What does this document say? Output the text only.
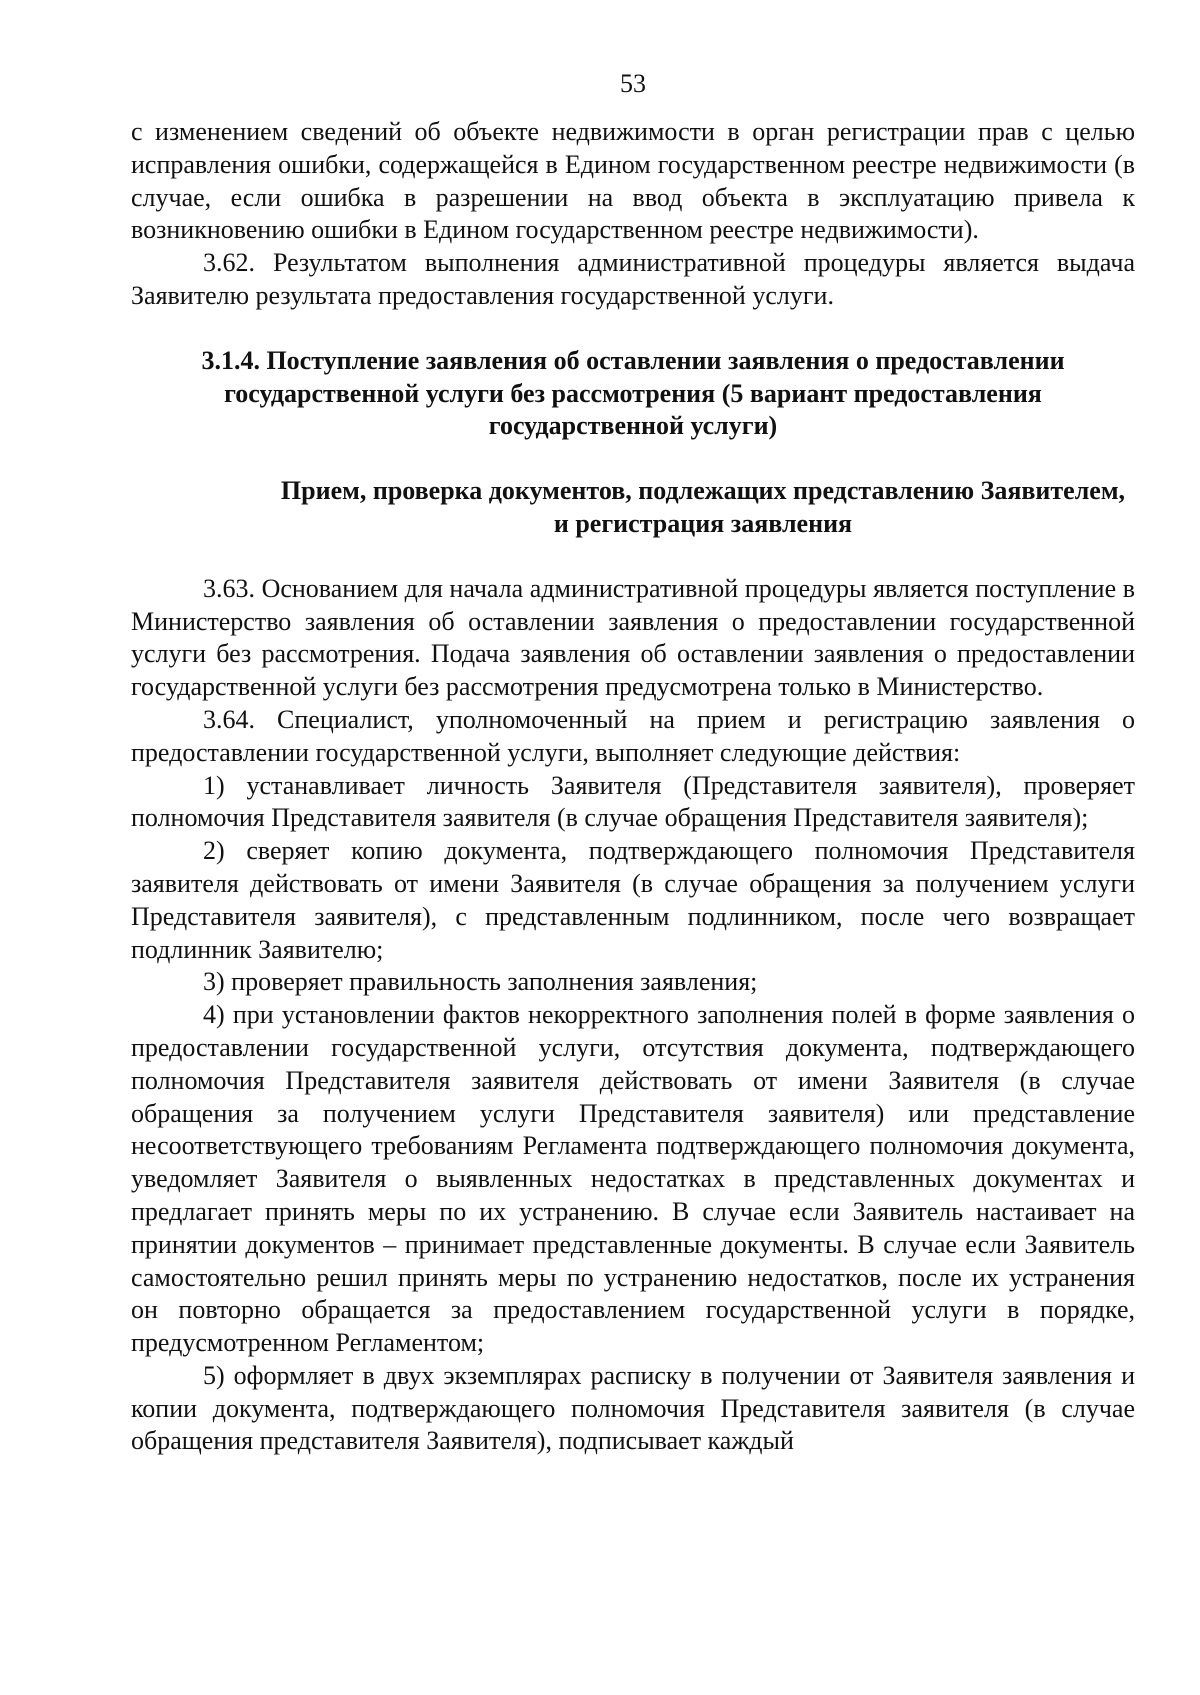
53

с изменением сведений об объекте недвижимости в орган регистрации прав с целью исправления ошибки, содержащейся в Едином государственном реестре недвижимости (в случае, если ошибка в разрешении на ввод объекта в эксплуатацию привела к возникновению ошибки в Едином государственном реестре недвижимости).

3.62. Результатом выполнения административной процедуры является выдача Заявителю результата предоставления государственной услуги.

3.1.4. Поступление заявления об оставлении заявления о предоставлении государственной услуги без рассмотрения (5 вариант предоставления государственной услуги)
Прием, проверка документов, подлежащих представлению Заявителем, и регистрация заявления

3.63. Основанием для начала административной процедуры является поступление в Министерство заявления об оставлении заявления о предоставлении государственной услуги без рассмотрения. Подача заявления об оставлении заявления о предоставлении государственной услуги без рассмотрения предусмотрена только в Министерство.

3.64. Специалист, уполномоченный на прием и регистрацию заявления о предоставлении государственной услуги, выполняет следующие действия:

1) устанавливает личность Заявителя (Представителя заявителя), проверяет полномочия Представителя заявителя (в случае обращения Представителя заявителя);

2) сверяет копию документа, подтверждающего полномочия Представителя заявителя действовать от имени Заявителя (в случае обращения за получением услуги Представителя заявителя), с представленным подлинником, после чего возвращает подлинник Заявителю;

3) проверяет правильность заполнения заявления;

4) при установлении фактов некорректного заполнения полей в форме заявления о предоставлении государственной услуги, отсутствия документа, подтверждающего полномочия Представителя заявителя действовать от имени Заявителя (в случае обращения за получением услуги Представителя заявителя) или представление несоответствующего требованиям Регламента подтверждающего полномочия документа, уведомляет Заявителя о выявленных недостатках в представленных документах и предлагает принять меры по их устранению. В случае если Заявитель настаивает на принятии документов – принимает представленные документы. В случае если Заявитель самостоятельно решил принять меры по устранению недостатков, после их устранения он повторно обращается за предоставлением государственной услуги в порядке, предусмотренном Регламентом;

5) оформляет в двух экземплярах расписку в получении от Заявителя заявления и копии документа, подтверждающего полномочия Представителя заявителя (в случае обращения представителя Заявителя), подписывает каждый
